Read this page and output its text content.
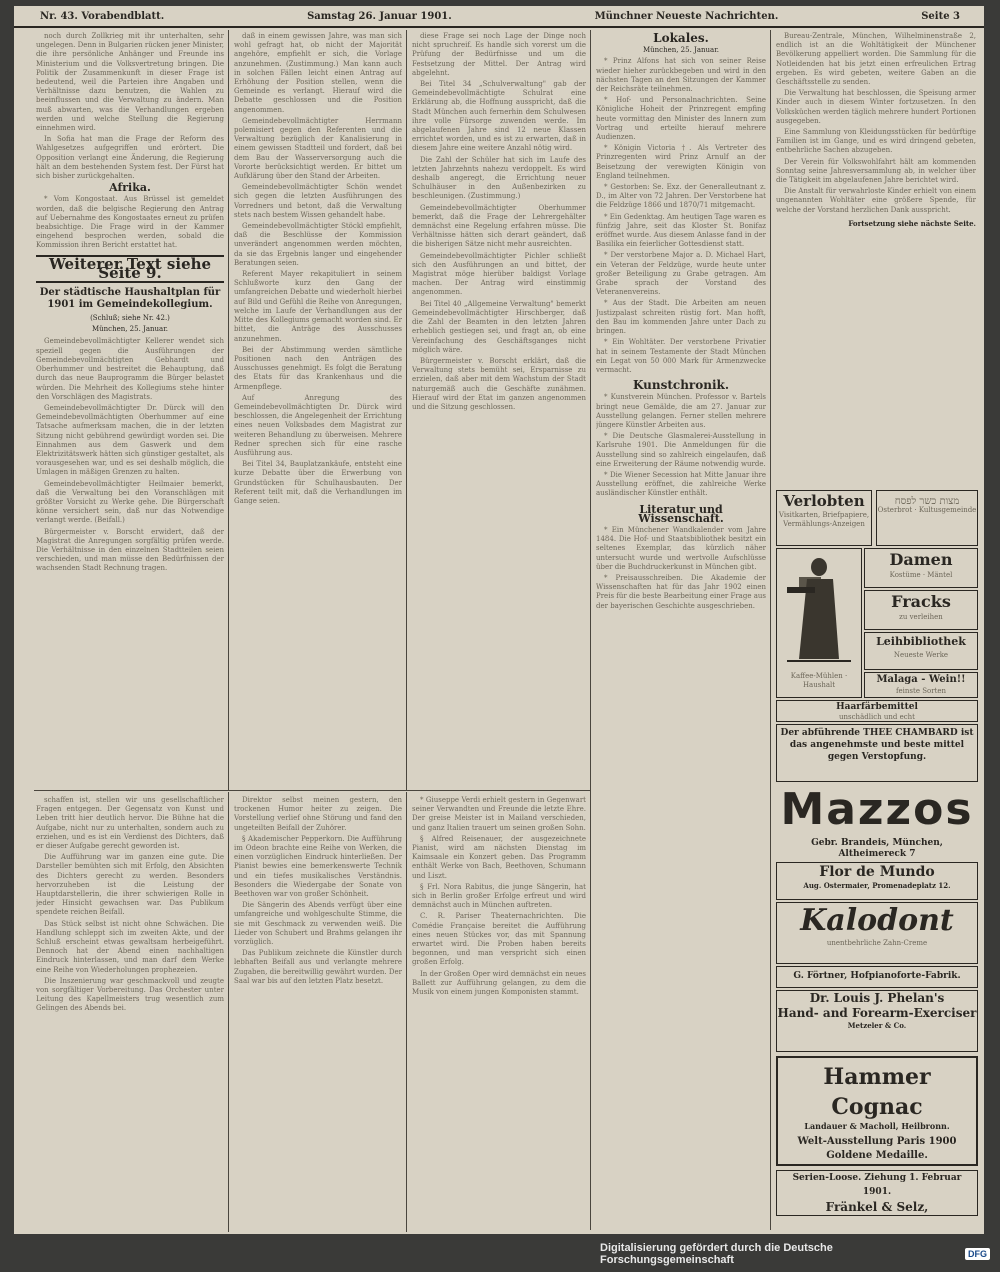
Nr. 43. Vorabendblatt.	Samstag 26. Januar 1901.	Münchner Neueste Nachrichten.	Seite 3

noch durch Zollkrieg mit ihr unterhalten, sehr ungelegen. Denn in Bulgarien rücken jener Minister, die ihre persönliche Anhänger und Freunde ins Ministerium und die Volksvertretung bringen. Die Politik der Zusammenkunft in dieser Frage ist bedeutend, weil die Parteien ihre Angaben und Verhältnisse dazu benutzen, die Wahlen zu beeinflussen und die Verwaltung zu ändern. Man muß abwarten, was die Verhandlungen ergeben werden und welche Stellung die Regierung einnehmen wird.

In Sofia hat man die Frage der Reform des Wahlgesetzes aufgegriffen und erörtert. Die Opposition verlangt eine Änderung, die Regierung hält an dem bestehenden System fest. Der Fürst hat sich bisher zurückgehalten.

Afrika.

* Vom Kongostaat. Aus Brüssel ist gemeldet worden, daß die belgische Regierung den Antrag auf Uebernahme des Kongostaates erneut zu prüfen beabsichtige. Die Frage wird in der Kammer eingehend besprochen werden, sobald die Kommission ihren Bericht erstattet hat.

Weiterer Text siehe Seite 9.
Der städtische Haushaltplan für 1901 im Gemeindekollegium.
(Schluß; siehe Nr. 42.)
München, 25. Januar.

Gemeindebevollmächtigter Kellerer wendet sich speziell gegen die Ausführungen der Gemeindebevollmächtigten Gebhardt und Oberhummer und bestreitet die Behauptung, daß durch das neue Bauprogramm die Bürger belastet würden. Die Mehrheit des Kollegiums stehe hinter den Vorschlägen des Magistrats.

Gemeindebevollmächtigter Dr. Dürck will den Gemeindebevollmächtigten Oberhummer auf eine Tatsache aufmerksam machen, die in der letzten Sitzung nicht gebührend gewürdigt worden sei. Die Einnahmen aus dem Gaswerk und dem Elektrizitätswerk hätten sich günstiger gestaltet, als vorausgesehen war, und es sei deshalb möglich, die Umlagen in mäßigen Grenzen zu halten.

Gemeindebevollmächtigter Heilmaier bemerkt, daß die Verwaltung bei den Voranschlägen mit größter Vorsicht zu Werke gehe. Die Bürgerschaft könne versichert sein, daß nur das Notwendige verlangt werde. (Beifall.)

Bürgermeister v. Borscht erwidert, daß der Magistrat die Anregungen sorgfältig prüfen werde. Die Verhältnisse in den einzelnen Stadtteilen seien verschieden, und man müsse den Bedürfnissen der wachsenden Stadt Rechnung tragen.

daß in einem gewissen Jahre, was man sich wohl gefragt hat, ob nicht der Majorität angehöre, empfiehlt er sich, die Vorlage anzunehmen. (Zustimmung.) Man kann auch in solchen Fällen leicht einen Antrag auf Erhöhung der Position stellen, wenn die Gemeinde es verlangt. Hierauf wird die Debatte geschlossen und die Position angenommen.

Gemeindebevollmächtigter Herrmann polemisiert gegen den Referenten und die Verwaltung bezüglich der Kanalisierung in einem gewissen Stadtteil und fordert, daß bei dem Bau der Wasserversorgung auch die Vororte berücksichtigt werden. Er bittet um Aufklärung über den Stand der Arbeiten.

Gemeindebevollmächtigter Schön wendet sich gegen die letzten Ausführungen des Vorredners und betont, daß die Verwaltung stets nach bestem Wissen gehandelt habe.

Gemeindebevollmächtigter Stöckl empfiehlt, daß die Beschlüsse der Kommission unverändert angenommen werden möchten, da sie das Ergebnis langer und eingehender Beratungen seien.

Referent Mayer rekapituliert in seinem Schlußworte kurz den Gang der umfangreichen Debatte und wiederholt hierbei auf Bild und Gefühl die Reihe von Anregungen, welche im Laufe der Verhandlungen aus der Mitte des Kollegiums gemacht worden sind. Er bittet, die Anträge des Ausschusses anzunehmen.

Bei der Abstimmung werden sämtliche Positionen nach den Anträgen des Ausschusses genehmigt. Es folgt die Beratung des Etats für das Krankenhaus und die Armenpflege.

Auf Anregung des Gemeindebevollmächtigten Dr. Dürck wird beschlossen, die Angelegenheit der Errichtung eines neuen Volksbades dem Magistrat zur weiteren Behandlung zu überweisen. Mehrere Redner sprechen sich für eine rasche Ausführung aus.

Bei Titel 34, Bauplatzankäufe, entsteht eine kurze Debatte über die Erwerbung von Grundstücken für Schulhausbauten. Der Referent teilt mit, daß die Verhandlungen im Gange seien.

diese Frage sei noch Lage der Dinge noch nicht spruchreif. Es handle sich vorerst um die Prüfung der Bedürfnisse und um die Festsetzung der Mittel. Der Antrag wird abgelehnt.

Bei Titel 34 „Schulverwaltung" gab der Gemeindebevollmächtigte Schulrat eine Erklärung ab, die Hoffnung ausspricht, daß die Stadt München auch fernerhin dem Schulwesen ihre volle Fürsorge zuwenden werde. Im abgelaufenen Jahre sind 12 neue Klassen errichtet worden, und es ist zu erwarten, daß in diesem Jahre eine weitere Anzahl nötig wird.

Die Zahl der Schüler hat sich im Laufe des letzten Jahrzehnts nahezu verdoppelt. Es wird deshalb angeregt, die Errichtung neuer Schulhäuser in den Außenbezirken zu beschleunigen. (Zustimmung.)

Gemeindebevollmächtigter Oberhummer bemerkt, daß die Frage der Lehrergehälter demnächst eine Regelung erfahren müsse. Die Verhältnisse hätten sich derart geändert, daß die bisherigen Sätze nicht mehr ausreichten.

Gemeindebevollmächtigter Pichler schließt sich den Ausführungen an und bittet, der Magistrat möge hierüber baldigst Vorlage machen. Der Antrag wird einstimmig angenommen.

Bei Titel 40 „Allgemeine Verwaltung" bemerkt Gemeindebevollmächtigter Hirschberger, daß die Zahl der Beamten in den letzten Jahren erheblich gestiegen sei, und fragt an, ob eine Vereinfachung des Geschäftsganges nicht möglich wäre.

Bürgermeister v. Borscht erklärt, daß die Verwaltung stets bemüht sei, Ersparnisse zu erzielen, daß aber mit dem Wachstum der Stadt naturgemäß auch die Geschäfte zunähmen. Hierauf wird der Etat im ganzen angenommen und die Sitzung geschlossen.

schaffen ist, stellen wir uns gesellschaftlicher Fragen entgegen. Der Gegensatz von Kunst und Leben tritt hier deutlich hervor. Die Bühne hat die Aufgabe, nicht nur zu unterhalten, sondern auch zu erziehen, und es ist ein Verdienst des Dichters, daß er dieser Aufgabe gerecht geworden ist.

Die Aufführung war im ganzen eine gute. Die Darsteller bemühten sich mit Erfolg, den Absichten des Dichters gerecht zu werden. Besonders hervorzuheben ist die Leistung der Hauptdarstellerin, die ihrer schwierigen Rolle in jeder Hinsicht gewachsen war. Das Publikum spendete reichen Beifall.

Das Stück selbst ist nicht ohne Schwächen. Die Handlung schleppt sich im zweiten Akte, und der Schluß erscheint etwas gewaltsam herbeigeführt. Dennoch hat der Abend einen nachhaltigen Eindruck hinterlassen, und man darf dem Werke eine Reihe von Wiederholungen prophezeien.

Die Inszenierung war geschmackvoll und zeugte von sorgfältiger Vorbereitung. Das Orchester unter Leitung des Kapellmeisters trug wesentlich zum Gelingen des Abends bei.

Direktor selbst meinen gestern, den trockenen Humor heiter zu zeigen. Die Vorstellung verlief ohne Störung und fand den ungeteilten Beifall der Zuhörer.

§ Akademischer Pepperkorn. Die Aufführung im Odeon brachte eine Reihe von Werken, die einen vorzüglichen Eindruck hinterließen. Der Pianist bewies eine bemerkenswerte Technik und ein tiefes musikalisches Verständnis. Besonders die Wiedergabe der Sonate von Beethoven war von großer Schönheit.

Die Sängerin des Abends verfügt über eine umfangreiche und wohlgeschulte Stimme, die sie mit Geschmack zu verwenden weiß. Die Lieder von Schubert und Brahms gelangen ihr vorzüglich.

Das Publikum zeichnete die Künstler durch lebhaften Beifall aus und verlangte mehrere Zugaben, die bereitwillig gewährt wurden. Der Saal war bis auf den letzten Platz besetzt.

* Giuseppe Verdi erhielt gestern in Gegenwart seiner Verwandten und Freunde die letzte Ehre. Der greise Meister ist in Mailand verschieden, und ganz Italien trauert um seinen großen Sohn.

§ Alfred Reisenauer, der ausgezeichnete Pianist, wird am nächsten Dienstag im Kaimsaale ein Konzert geben. Das Programm enthält Werke von Bach, Beethoven, Schumann und Liszt.

§ Frl. Nora Rabitus, die junge Sängerin, hat sich in Berlin großer Erfolge erfreut und wird demnächst auch in München auftreten.

C. R. Pariser Theaternachrichten. Die Comédie Française bereitet die Aufführung eines neuen Stückes vor, das mit Spannung erwartet wird. Die Proben haben bereits begonnen, und man verspricht sich einen großen Erfolg.

In der Großen Oper wird demnächst ein neues Ballett zur Aufführung gelangen, zu dem die Musik von einem jungen Komponisten stammt.

Lokales.
München, 25. Januar.

* Prinz Alfons hat sich von seiner Reise wieder hieher zurückbegeben und wird in den nächsten Tagen an den Sitzungen der Kammer der Reichsräte teilnehmen.

* Hof- und Personalnachrichten. Seine Königliche Hoheit der Prinzregent empfing heute vormittag den Minister des Innern zum Vortrag und erteilte hierauf mehrere Audienzen.

* Königin Victoria †. Als Vertreter des Prinzregenten wird Prinz Arnulf an der Beisetzung der verewigten Königin von England teilnehmen.

* Gestorben: Se. Exz. der Generalleutnant z. D., im Alter von 72 Jahren. Der Verstorbene hat die Feldzüge 1866 und 1870/71 mitgemacht.

* Ein Gedenktag. Am heutigen Tage waren es fünfzig Jahre, seit das Kloster St. Bonifaz eröffnet wurde. Aus diesem Anlasse fand in der Basilika ein feierlicher Gottesdienst statt.

* Der verstorbene Major a. D. Michael Hart, ein Veteran der Feldzüge, wurde heute unter großer Beteiligung zu Grabe getragen. Am Grabe sprach der Vorstand des Veteranenvereins.

* Aus der Stadt. Die Arbeiten am neuen Justizpalast schreiten rüstig fort. Man hofft, den Bau im kommenden Jahre unter Dach zu bringen.

* Ein Wohltäter. Der verstorbene Privatier hat in seinem Testamente der Stadt München ein Legat von 50 000 Mark für Armenzwecke vermacht.

Kunstchronik.

* Kunstverein München. Professor v. Bartels bringt neue Gemälde, die am 27. Januar zur Ausstellung gelangen. Ferner stellen mehrere jüngere Künstler Arbeiten aus.

* Die Deutsche Glasmalerei-Ausstellung in Karlsruhe 1901. Die Anmeldungen für die Ausstellung sind so zahlreich eingelaufen, daß eine Erweiterung der Räume notwendig wurde.

* Die Wiener Secession hat Mitte Januar ihre Ausstellung eröffnet, die zahlreiche Werke ausländischer Künstler enthält.

Literatur und Wissenschaft.

* Ein Münchener Wandkalender vom Jahre 1484. Die Hof- und Staatsbibliothek besitzt ein seltenes Exemplar, das kürzlich näher untersucht wurde und wertvolle Aufschlüsse über die Buchdruckerkunst in München gibt.

* Preisausschreiben. Die Akademie der Wissenschaften hat für das Jahr 1902 einen Preis für die beste Bearbeitung einer Frage aus der bayerischen Geschichte ausgeschrieben.

Bureau-Zentrale, München, Wilhelminenstraße 2, endlich ist an die Wohltätigkeit der Münchener Bevölkerung appelliert worden. Die Sammlung für die Notleidenden hat bis jetzt einen erfreulichen Ertrag ergeben. Es wird gebeten, weitere Gaben an die Geschäftsstelle zu senden.

Die Verwaltung hat beschlossen, die Speisung armer Kinder auch in diesem Winter fortzusetzen. In den Volksküchen werden täglich mehrere hundert Portionen ausgegeben.

Eine Sammlung von Kleidungsstücken für bedürftige Familien ist im Gange, und es wird dringend gebeten, entbehrliche Sachen abzugeben.

Der Verein für Volkswohlfahrt hält am kommenden Sonntag seine Jahresversammlung ab, in welcher über die Tätigkeit im abgelaufenen Jahre berichtet wird.

Die Anstalt für verwahrloste Kinder erhielt von einem ungenannten Wohltäter eine größere Spende, für welche der Vorstand herzlichen Dank ausspricht.

Fortsetzung siehe nächste Seite.
Verlobten
Visitkarten, Briefpapiere, Vermählungs-Anzeigen
מצות כשר לפסח
Osterbrot · Kultusgemeinde
Kaffee-Mühlen · Haushalt
Damen
Kostüme · Mäntel
Fracks
zu verleihen
Leihbibliothek
Neueste Werke
Malaga - Wein!!
feinste Sorten
Haarfärbemittel
unschädlich und echt
Der abführende THEE CHAMBARD ist das angenehmste und beste mittel gegen Verstopfung.
Mazzos
Gebr. Brandeis, München, Altheimereck 7
Flor de Mundo
Aug. Ostermaier, Promenadeplatz 12.
Kalodont
unentbehrliche Zahn-Creme
G. Förtner, Hofpianoforte-Fabrik.
Dr. Louis J. Phelan's
Hand- and Forearm-Exerciser
Metzeler & Co.
Hammer Cognac
Landauer & Macholl, Heilbronn.
Welt-Ausstellung Paris 1900
Goldene Medaille.
Serien-Loose. Ziehung 1. Februar 1901.
Fränkel & Selz,
Digitalisierung gefördert durch die Deutsche Forschungsgemeinschaft	DFG
